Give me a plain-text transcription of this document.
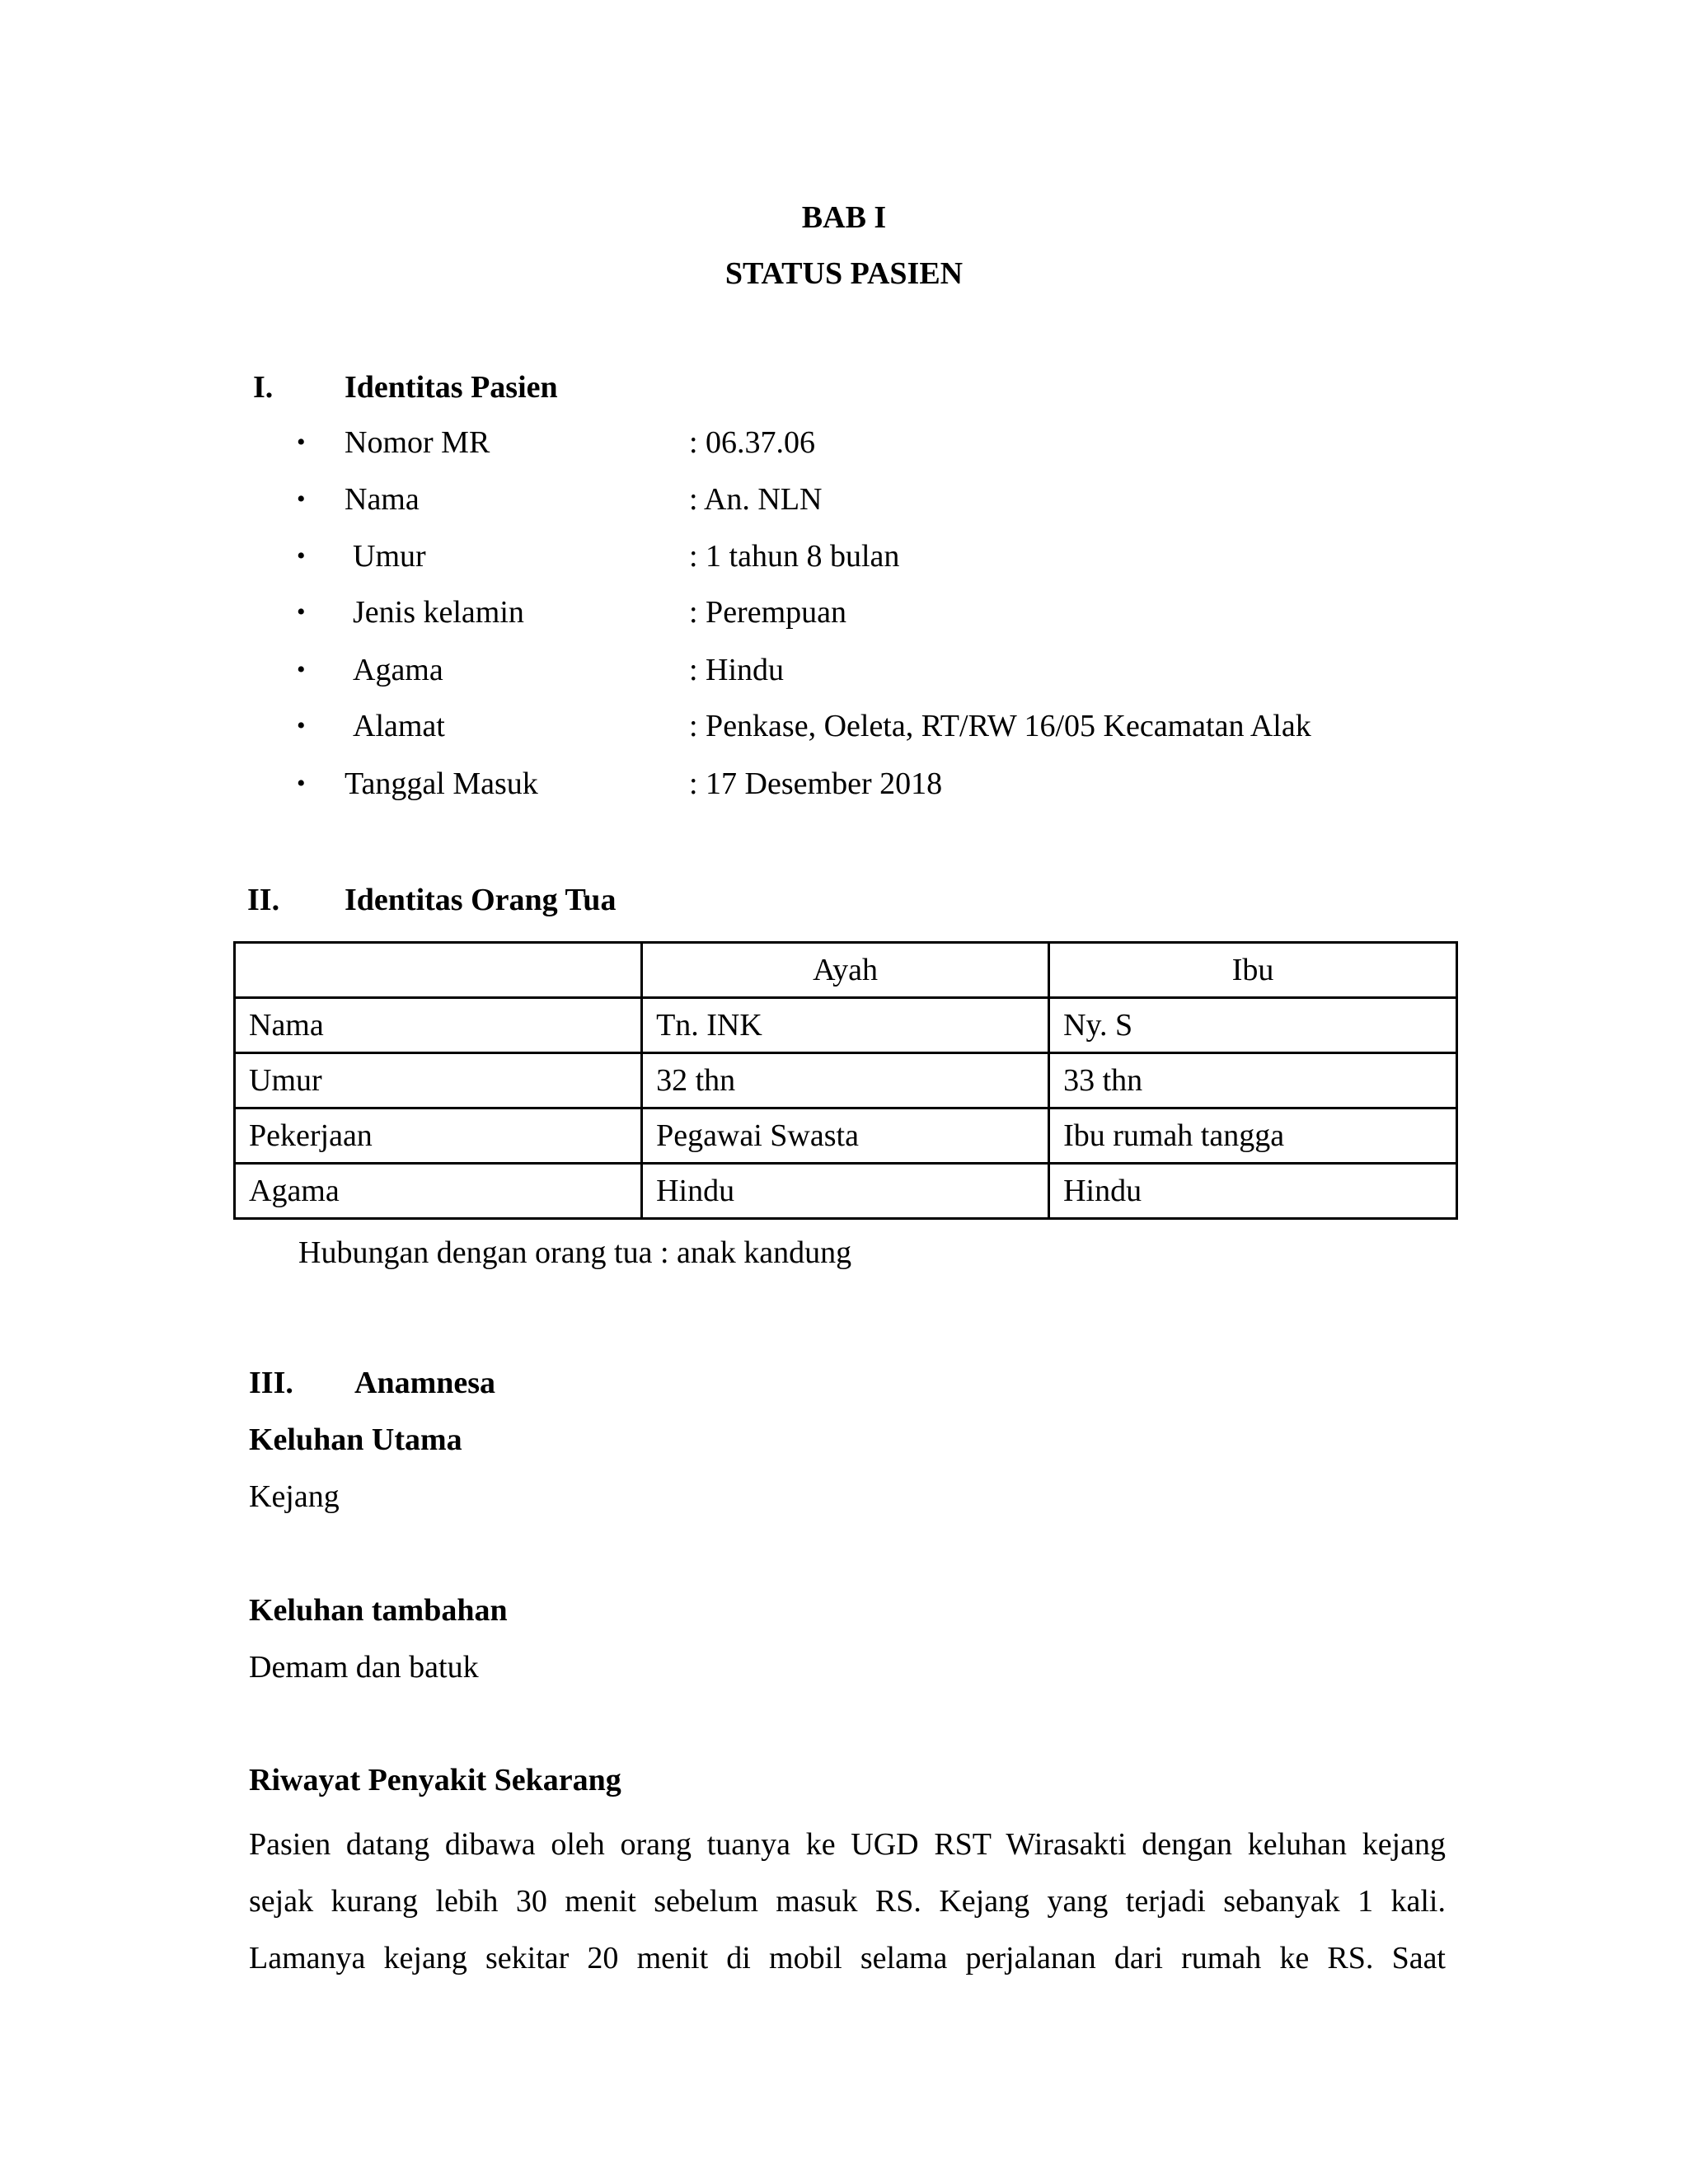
BAB I
STATUS PASIEN
I. Identitas Pasien
• Nomor MR	: 06.37.06
• Nama	: An. NLN
• Umur	: 1 tahun 8 bulan
• Jenis kelamin	: Perempuan
• Agama	: Hindu
• Alamat	: Penkase, Oeleta, RT/RW 16/05 Kecamatan Alak
• Tanggal Masuk	: 17 Desember 2018
II. Identitas Orang Tua
	Ayah	Ibu
Nama	Tn. INK	Ny. S
Umur	32 thn	33 thn
Pekerjaan	Pegawai Swasta	Ibu rumah tangga
Agama	Hindu	Hindu
Hubungan dengan orang tua : anak kandung
III. Anamnesa
Keluhan Utama
Kejang
Keluhan tambahan
Demam dan batuk
Riwayat Penyakit Sekarang
Pasien datang dibawa oleh orang tuanya ke UGD RST Wirasakti dengan keluhan kejang
sejak kurang lebih 30 menit sebelum masuk RS. Kejang yang terjadi sebanyak 1 kali.
Lamanya kejang sekitar 20 menit di mobil selama perjalanan dari rumah ke RS. Saat
